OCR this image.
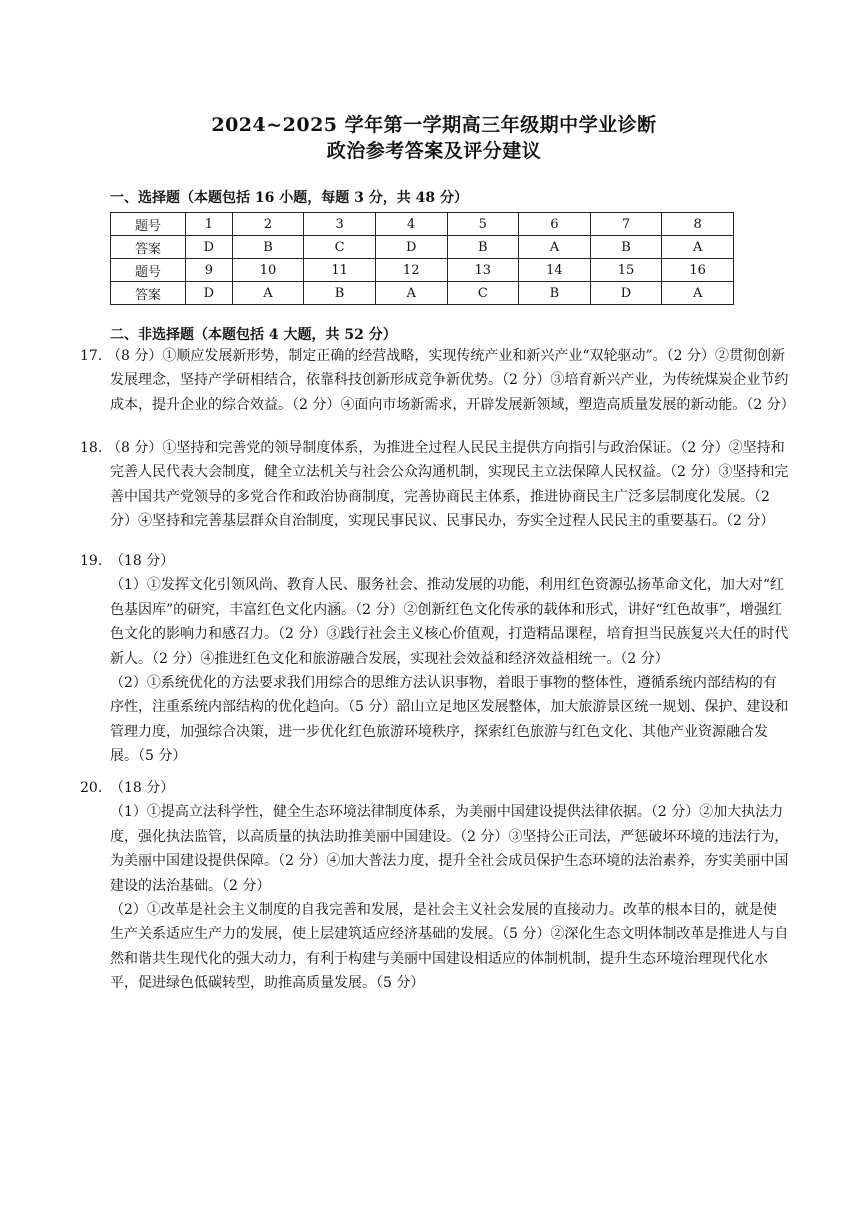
2024~2025 学年第一学期高三年级期中学业诊断
政治参考答案及评分建议
一、选择题（本题包括 16 小题，每题 3 分，共 48 分）
题号	1	2	3	4	5	6	7	8
答案	D	B	C	D	B	A	B	A
题号	9	10	11	12	13	14	15	16
答案	D	A	B	A	C	B	D	A
二、非选择题（本题包括 4 大题，共 52 分）
17. （8 分）①顺应发展新形势，制定正确的经营战略，实现传统产业和新兴产业“双轮驱动”。（2 分）②贯彻创新发展理念，坚持产学研相结合，依靠科技创新形成竞争新优势。（2 分）③培育新兴产业，为传统煤炭企业节约成本，提升企业的综合效益。（2 分）④面向市场新需求，开辟发展新领域，塑造高质量发展的新动能。（2 分）

18. （8 分）①坚持和完善党的领导制度体系，为推进全过程人民民主提供方向指引与政治保证。（2 分）②坚持和完善人民代表大会制度，健全立法机关与社会公众沟通机制，实现民主立法保障人民权益。（2 分）③坚持和完善中国共产党领导的多党合作和政治协商制度，完善协商民主体系，推进协商民主广泛多层制度化发展。（2 分）④坚持和完善基层群众自治制度，实现民事民议、民事民办，夯实全过程人民民主的重要基石。（2 分）

19. （18 分）

（1）①发挥文化引领风尚、教育人民、服务社会、推动发展的功能，利用红色资源弘扬革命文化，加大对“红色基因库”的研究，丰富红色文化内涵。（2 分）②创新红色文化传承的载体和形式，讲好“红色故事”，增强红色文化的影响力和感召力。（2 分）③践行社会主义核心价值观，打造精品课程，培育担当民族复兴大任的时代新人。（2 分）④推进红色文化和旅游融合发展，实现社会效益和经济效益相统一。（2 分）

（2）①系统优化的方法要求我们用综合的思维方法认识事物，着眼于事物的整体性，遵循系统内部结构的有序性，注重系统内部结构的优化趋向。（5 分）韶山立足地区发展整体，加大旅游景区统一规划、保护、建设和管理力度，加强综合决策，进一步优化红色旅游环境秩序，探索红色旅游与红色文化、其他产业资源融合发展。（5 分）

20. （18 分）

（1）①提高立法科学性，健全生态环境法律制度体系，为美丽中国建设提供法律依据。（2 分）②加大执法力度，强化执法监管，以高质量的执法助推美丽中国建设。（2 分）③坚持公正司法，严惩破坏环境的违法行为，为美丽中国建设提供保障。（2 分）④加大普法力度，提升全社会成员保护生态环境的法治素养，夯实美丽中国建设的法治基础。（2 分）

（2）①改革是社会主义制度的自我完善和发展，是社会主义社会发展的直接动力。改革的根本目的，就是使生产关系适应生产力的发展，使上层建筑适应经济基础的发展。（5 分）②深化生态文明体制改革是推进人与自然和谐共生现代化的强大动力，有利于构建与美丽中国建设相适应的体制机制，提升生态环境治理现代化水平，促进绿色低碳转型，助推高质量发展。（5 分）
